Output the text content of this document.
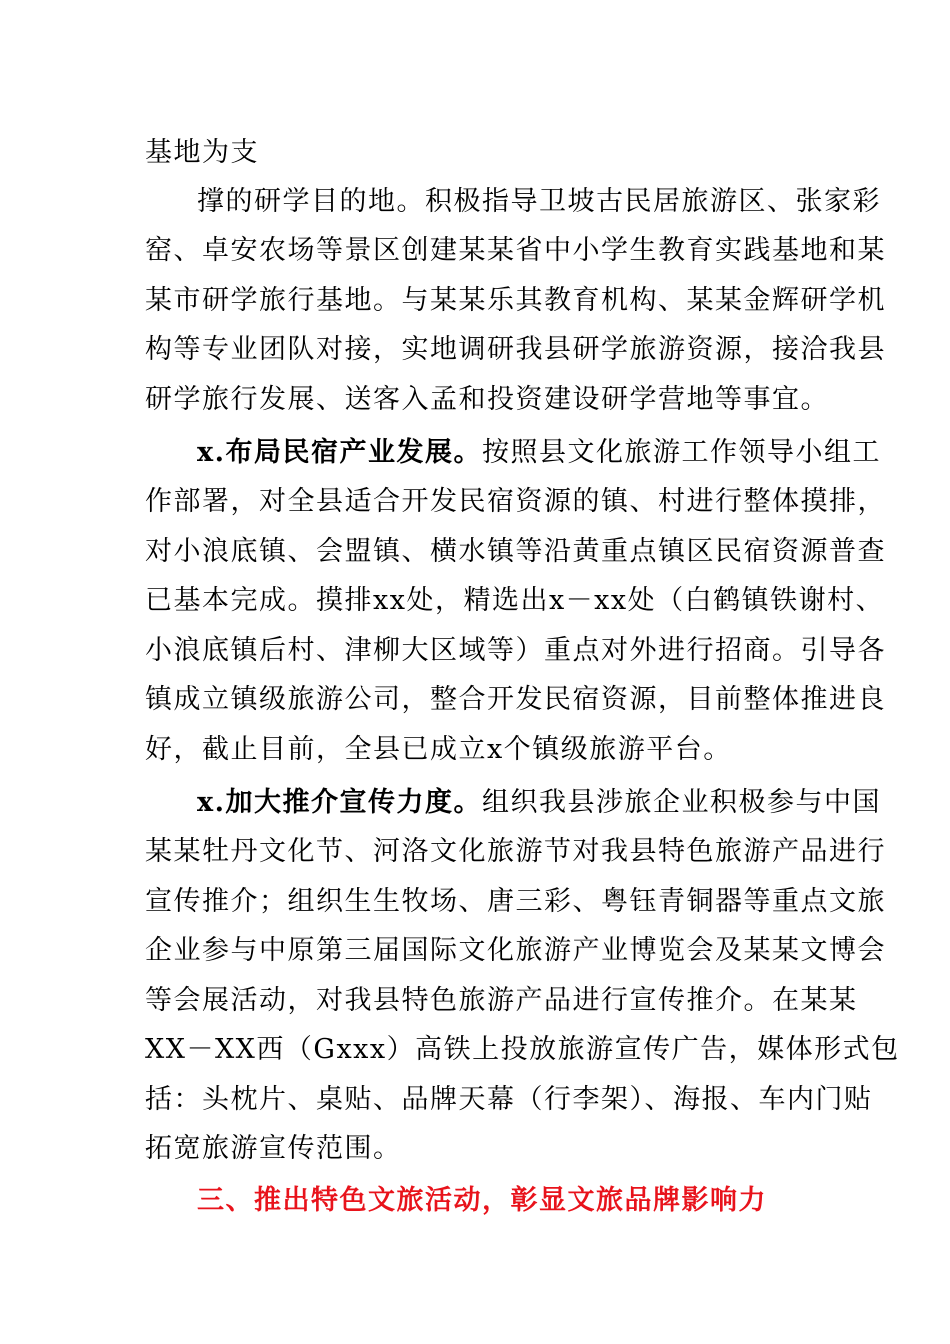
基地为支
撑的研学目的地。积极指导卫坡古民居旅游区、张家彩
窑、卓安农场等景区创建某某省中小学生教育实践基地和某
某市研学旅行基地。与某某乐其教育机构、某某金辉研学机
构等专业团队对接，实地调研我县研学旅游资源，接洽我县
研学旅行发展、送客入孟和投资建设研学营地等事宜。
x.布局民宿产业发展。按照县文化旅游工作领导小组工
作部署，对全县适合开发民宿资源的镇、村进行整体摸排，
对小浪底镇、会盟镇、横水镇等沿黄重点镇区民宿资源普查
已基本完成。摸排xx处，精选出x－xx处（白鹤镇铁谢村、
小浪底镇后村、津柳大区域等）重点对外进行招商。引导各
镇成立镇级旅游公司，整合开发民宿资源，目前整体推进良
好，截止目前，全县已成立x个镇级旅游平台。
x.加大推介宣传力度。组织我县涉旅企业积极参与中国
某某牡丹文化节、河洛文化旅游节对我县特色旅游产品进行
宣传推介；组织生生牧场、唐三彩、粤钰青铜器等重点文旅
企业参与中原第三届国际文化旅游产业博览会及某某文博会
等会展活动，对我县特色旅游产品进行宣传推介。在某某
XX－XX西（Gxxx）高铁上投放旅游宣传广告，媒体形式包
括：头枕片、桌贴、品牌天幕（行李架）、海报、车内门贴
拓宽旅游宣传范围。
三、推出特色文旅活动，彰显文旅品牌影响力
